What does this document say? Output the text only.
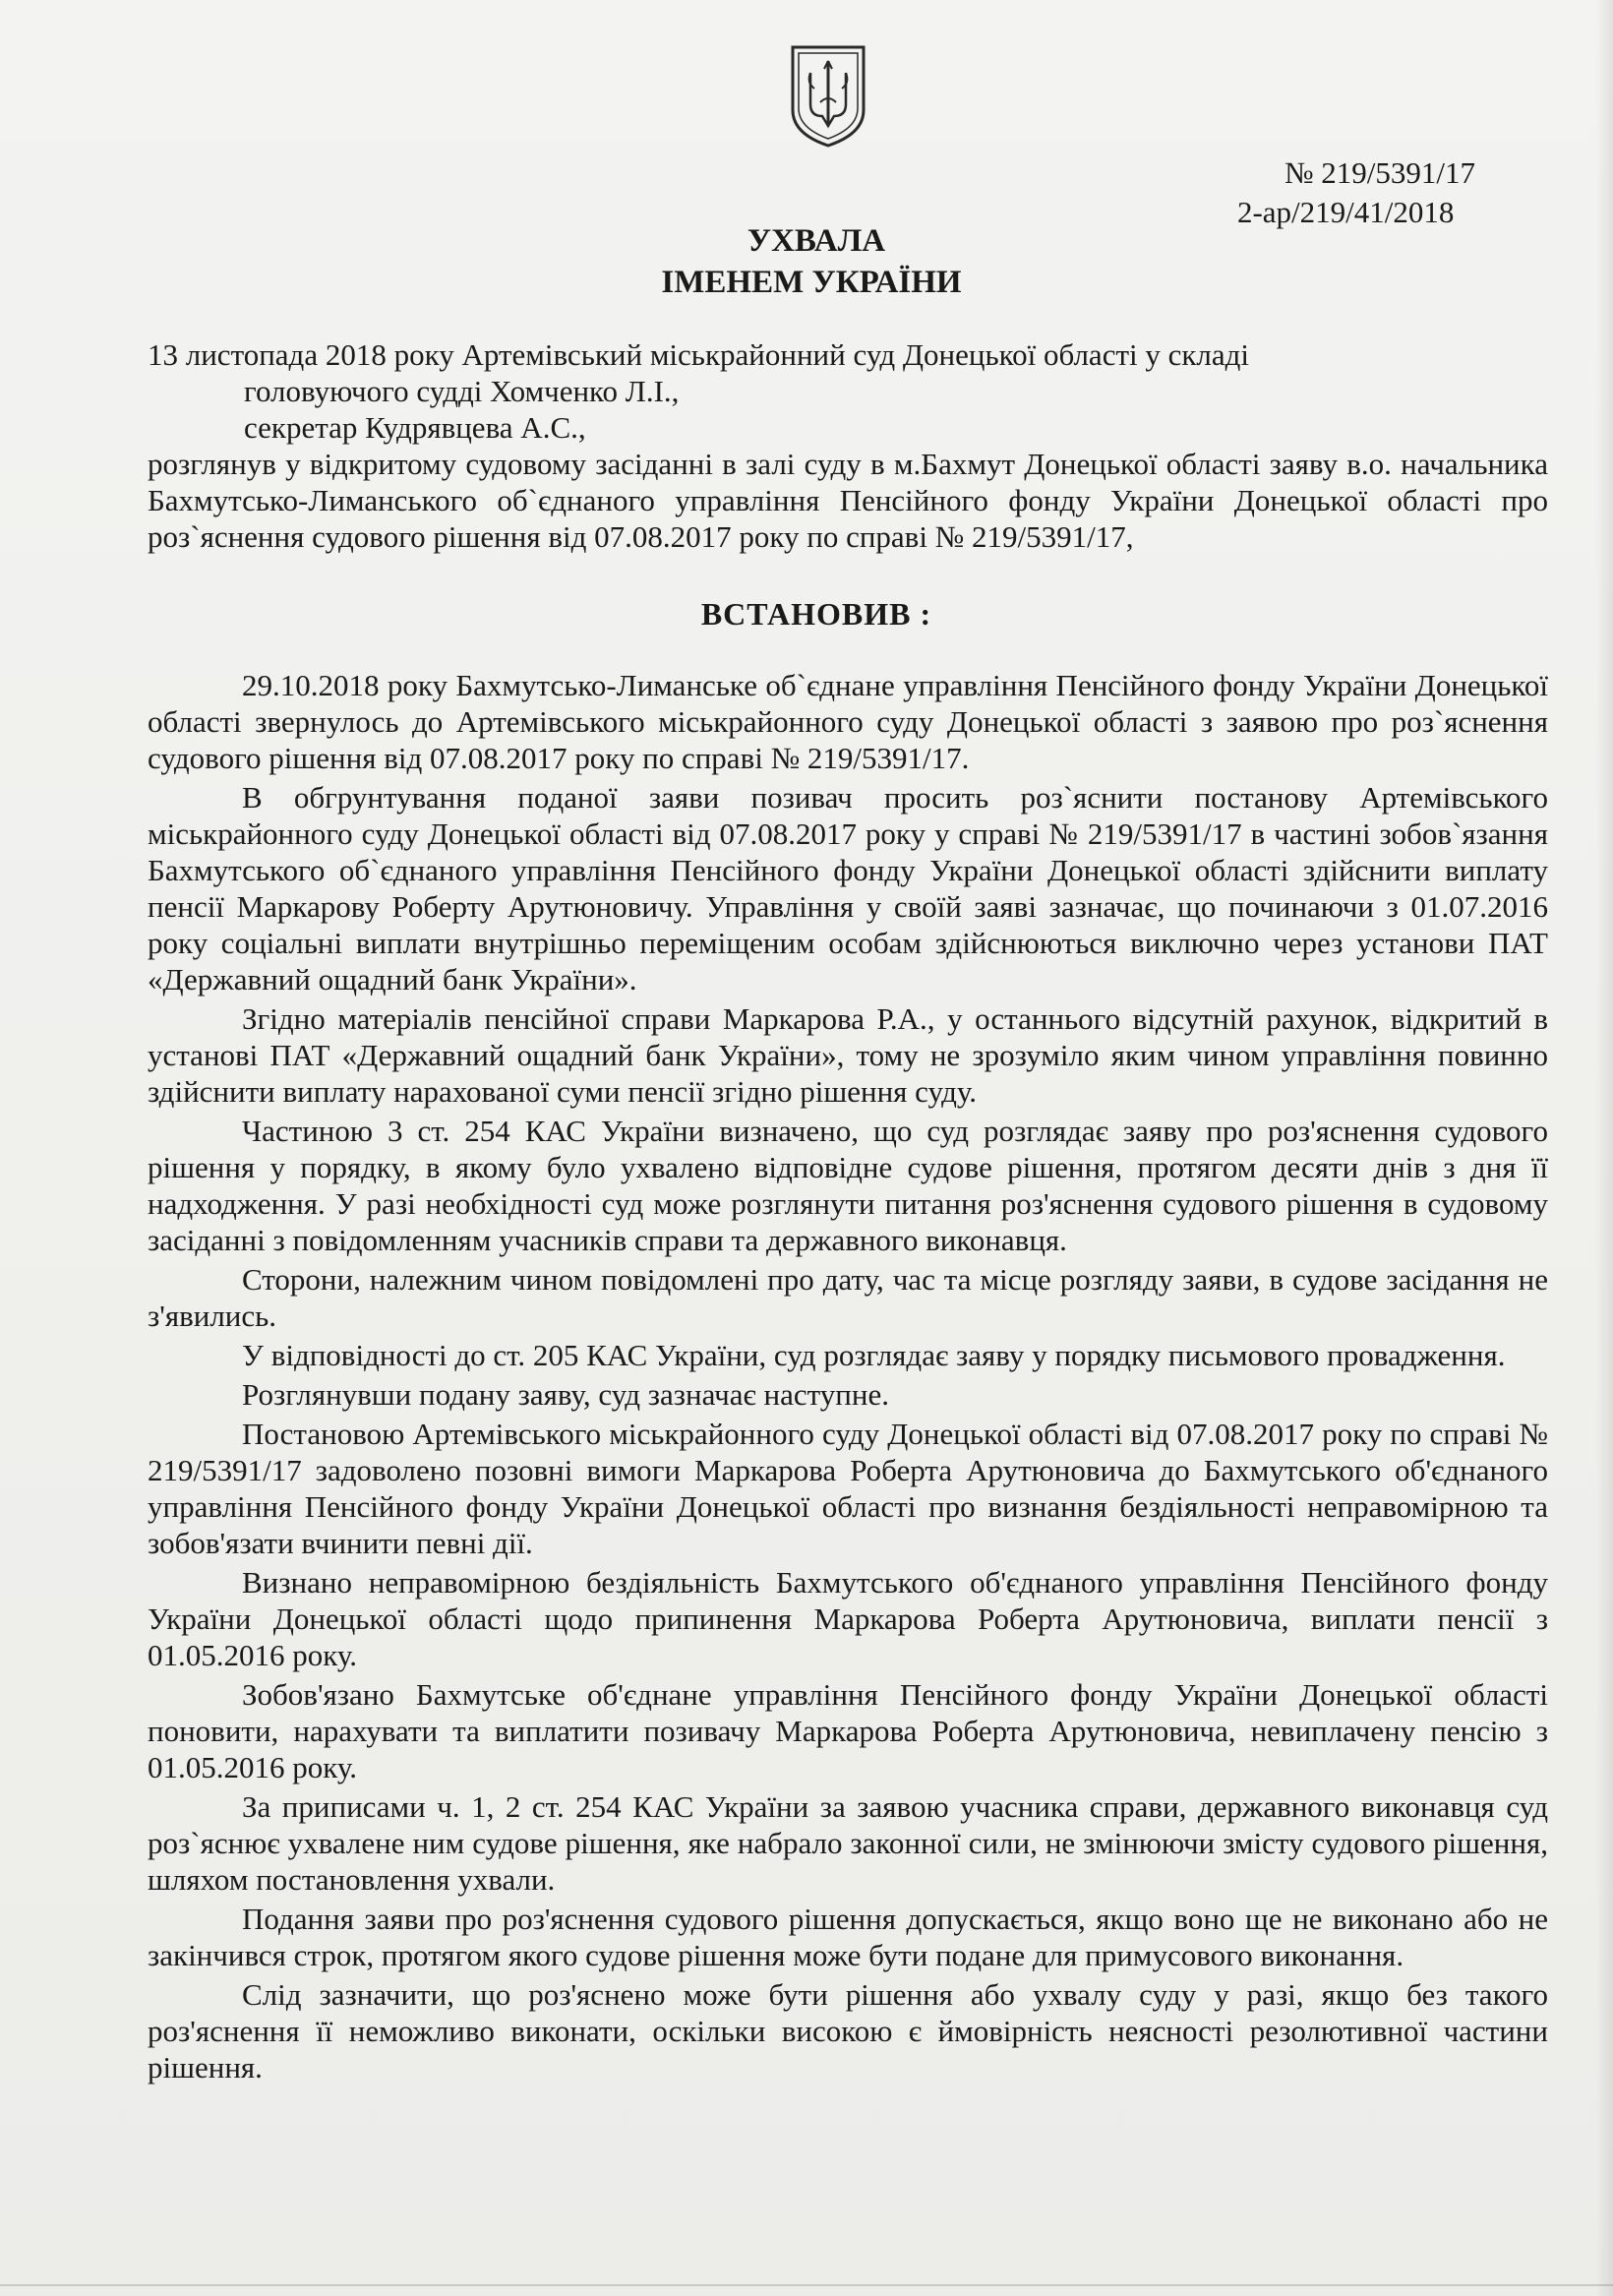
№ 219/5391/17
2-ар/219/41/2018
УХВАЛА
ІМЕНЕМ УКРАЇНИ
13 листопада 2018 року Артемівський міськрайонний суд Донецької області у складі
головуючого судді Хомченко Л.І.,
секретар Кудрявцева А.С.,
розглянув у відкритому судовому засіданні в залі суду в м.Бахмут Донецької області заяву в.о. начальника Бахмутсько-Лиманського об`єднаного управління Пенсійного фонду України Донецької області про роз`яснення судового рішення від 07.08.2017 року по справі № 219/5391/17,
ВСТАНОВИВ :

29.10.2018 року Бахмутсько-Лиманське об`єднане управління Пенсійного фонду України Донецької області звернулось до Артемівського міськрайонного суду Донецької області з заявою про роз`яснення судового рішення від 07.08.2017 року по справі № 219/5391/17.

В обгрунтування поданої заяви позивач просить роз`яснити постанову Артемівського міськрайонного суду Донецької області від 07.08.2017 року у справі № 219/5391/17 в частині зобов`язання Бахмутського об`єднаного управління Пенсійного фонду України Донецької області здійснити виплату пенсії Маркарову Роберту Арутюновичу. Управління у своїй заяві зазначає, що починаючи з 01.07.2016 року соціальні виплати внутрішньо переміщеним особам здійснюються виключно через установи ПАТ «Державний ощадний банк України».

Згідно матеріалів пенсійної справи Маркарова Р.А., у останнього відсутній рахунок, відкритий в установі ПАТ «Державний ощадний банк України», тому не зрозуміло яким чином управління повинно здійснити виплату нарахованої суми пенсії згідно рішення суду.

Частиною 3 ст. 254 КАС України визначено, що суд розглядає заяву про роз'яснення судового рішення у порядку, в якому було ухвалено відповідне судове рішення, протягом десяти днів з дня її надходження. У разі необхідності суд може розглянути питання роз'яснення судового рішення в судовому засіданні з повідомленням учасників справи та державного виконавця.

Сторони, належним чином повідомлені про дату, час та місце розгляду заяви, в судове засідання не з'явились.

У відповідності до ст. 205 КАС України, суд розглядає заяву у порядку письмового провадження.

Розглянувши подану заяву, суд зазначає наступне.

Постановою Артемівського міськрайонного суду Донецької області від 07.08.2017 року по справі № 219/5391/17 задоволено позовні вимоги Маркарова Роберта Арутюновича до Бахмутського об'єднаного управління Пенсійного фонду України Донецької області про визнання бездіяльності неправомірною та зобов'язати вчинити певні дії.

Визнано неправомірною бездіяльність Бахмутського об'єднаного управління Пенсійного фонду України Донецької області щодо припинення Маркарова Роберта Арутюновича, виплати пенсії з 01.05.2016 року.

Зобов'язано Бахмутське об'єднане управління Пенсійного фонду України Донецької області поновити, нарахувати та виплатити позивачу Маркарова Роберта Арутюновича, невиплачену пенсію з 01.05.2016 року.

За приписами ч. 1, 2 ст. 254 КАС України за заявою учасника справи, державного виконавця суд роз`яснює ухвалене ним судове рішення, яке набрало законної сили, не змінюючи змісту судового рішення, шляхом постановлення ухвали.

Подання заяви про роз'яснення судового рішення допускається, якщо воно ще не виконано або не закінчився строк, протягом якого судове рішення може бути подане для примусового виконання.

Слід зазначити, що роз'яснено може бути рішення або ухвалу суду у разі, якщо без такого роз'яснення її неможливо виконати, оскільки високою є ймовірність неясності резолютивної частини рішення.
